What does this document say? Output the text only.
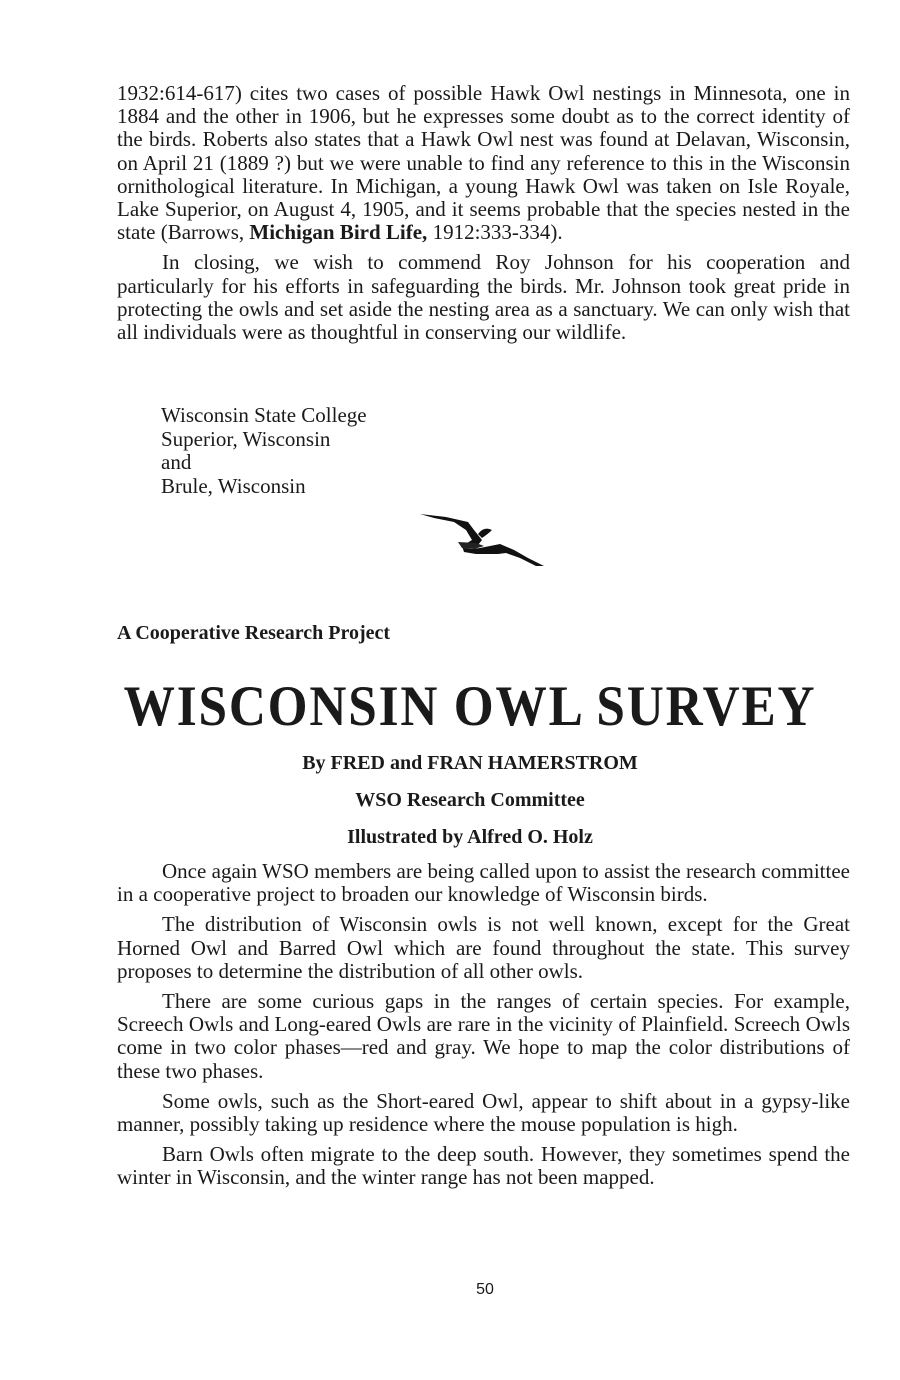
1932:614-617) cites two cases of possible Hawk Owl nestings in Minnesota, one in 1884 and the other in 1906, but he expresses some doubt as to the correct identity of the birds. Roberts also states that a Hawk Owl nest was found at Delavan, Wisconsin, on April 21 (1889 ?) but we were unable to find any reference to this in the Wisconsin ornithological literature. In Michigan, a young Hawk Owl was taken on Isle Royale, Lake Superior, on August 4, 1905, and it seems probable that the species nested in the state (Barrows, Michigan Bird Life, 1912:333-334).

In closing, we wish to commend Roy Johnson for his cooperation and particularly for his efforts in safeguarding the birds. Mr. Johnson took great pride in protecting the owls and set aside the nesting area as a sanctuary. We can only wish that all individuals were as thoughtful in conserving our wildlife.

Wisconsin State College
Superior, Wisconsin
and
Brule, Wisconsin
A Cooperative Research Project
WISCONSIN OWL SURVEY
By FRED and FRAN HAMERSTROM
WSO Research Committee
Illustrated by Alfred O. Holz

Once again WSO members are being called upon to assist the research committee in a cooperative project to broaden our knowledge of Wisconsin birds.

The distribution of Wisconsin owls is not well known, except for the Great Horned Owl and Barred Owl which are found throughout the state. This survey proposes to determine the distribution of all other owls.

There are some curious gaps in the ranges of certain species. For example, Screech Owls and Long-eared Owls are rare in the vicinity of Plainfield. Screech Owls come in two color phases—red and gray. We hope to map the color distributions of these two phases.

Some owls, such as the Short-eared Owl, appear to shift about in a gypsy-like manner, possibly taking up residence where the mouse population is high.

Barn Owls often migrate to the deep south. However, they sometimes spend the winter in Wisconsin, and the winter range has not been mapped.

50
